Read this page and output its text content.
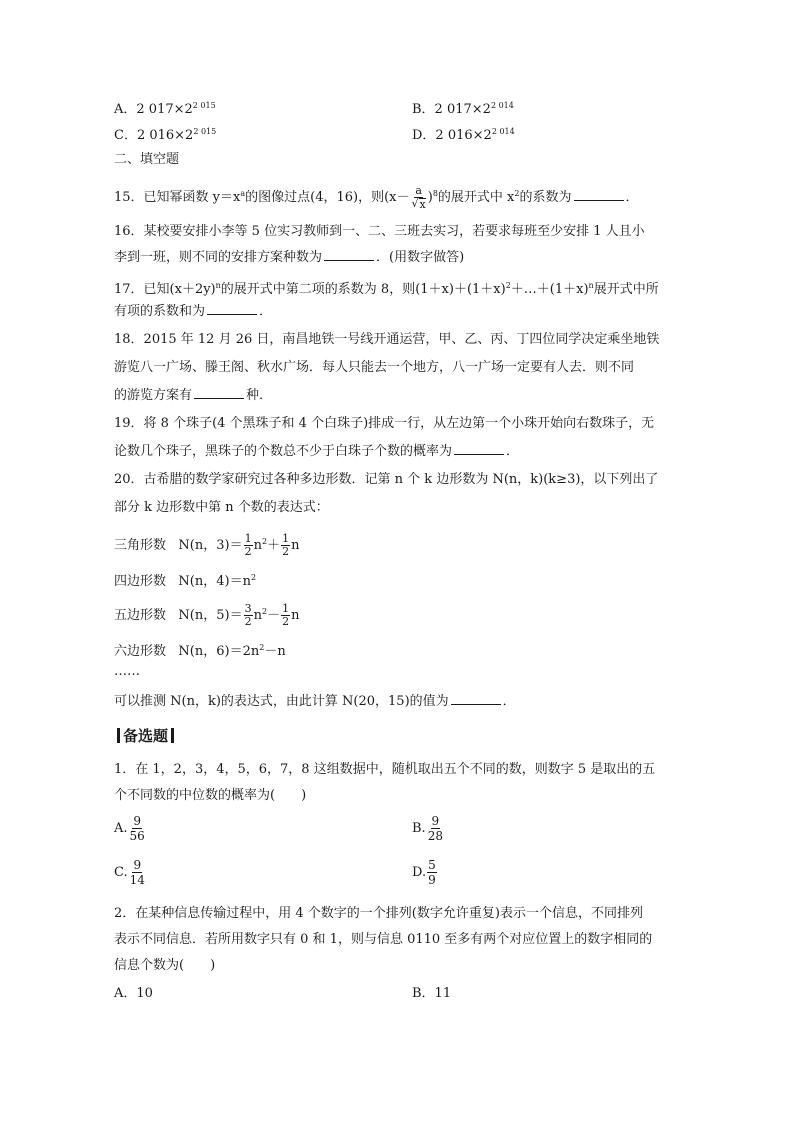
A．2 $017\times 2^{2 015}$	B．2 $017\times 2^{2 014}$
C．2 $016\times 2^{2 015}$	D．2 $016\times 2^{2 014}$
二、填空题
15．已知幂函数 $y=x^a$的图像过点(4，16)，则$(x- \frac{a}{√ x} )^8$的展开式中 $x^2$的系数为	．
16．某校要安排小李等 5 位实习教师到一、二、三班去实习，若要求每班至少安排 1 人且小
李到一班，则不同的安排方案种数为	．(用数字做答)
17．已知$(x+2y)^n$的展开式中第二项的系数为 8，则$(1+x)+(1+x)^2+\dots+(1+x)^n$展开式中所
有项的系数和为	．
18．2015 年 12 月 26 日，南昌地铁一号线开通运营，甲、乙、丙、丁四位同学决定乘坐地铁
游览八一广场、滕王阁、秋水广场．每人只能去一个地方，八一广场一定要有人去．则不同
的游览方案有	种．
19．将 8 个珠子(4 个黑珠子和 4 个白珠子)排成一行，从左边第一个小珠开始向右数珠子，无
论数几个珠子，黑珠子的个数总不少于白珠子个数的概率为	．
20．古希腊的数学家研究过各种多边形数．记第 n 个 k 边形数为 N(n，k)(k≥3)，以下列出了
部分 k 边形数中第 n 个数的表达式：
三角形数 N(n，$3)= \frac{1}{2} n^2+ \frac{1}{2}$ n
四边形数 N(n，$4)=n^2$
五边形数 N(n，$5)= \frac{3}{2} n^2- \frac{1}{2}$ n
六边形数 N(n，$6)=2n^2-n$
……
可以推测 N(n，k)的表达式，由此计算 N(20，15)的值为	．
备选题
1．在 1，2，3，4，5，6，7，8 这组数据中，随机取出五个不同的数，则数字 5 是取出的五
个不同数的中位数的概率为( )
A. $\frac{9}{56}$	B. $\frac{9}{28}$
C. $\frac{9}{14}$	D. $\frac{5}{9}$
2．在某种信息传输过程中，用 4 个数字的一个排列(数字允许重复)表示一个信息，不同排列
表示不同信息．若所用数字只有 0 和 1，则与信息 0110 至多有两个对应位置上的数字相同的
信息个数为( )
A．10	B．11
